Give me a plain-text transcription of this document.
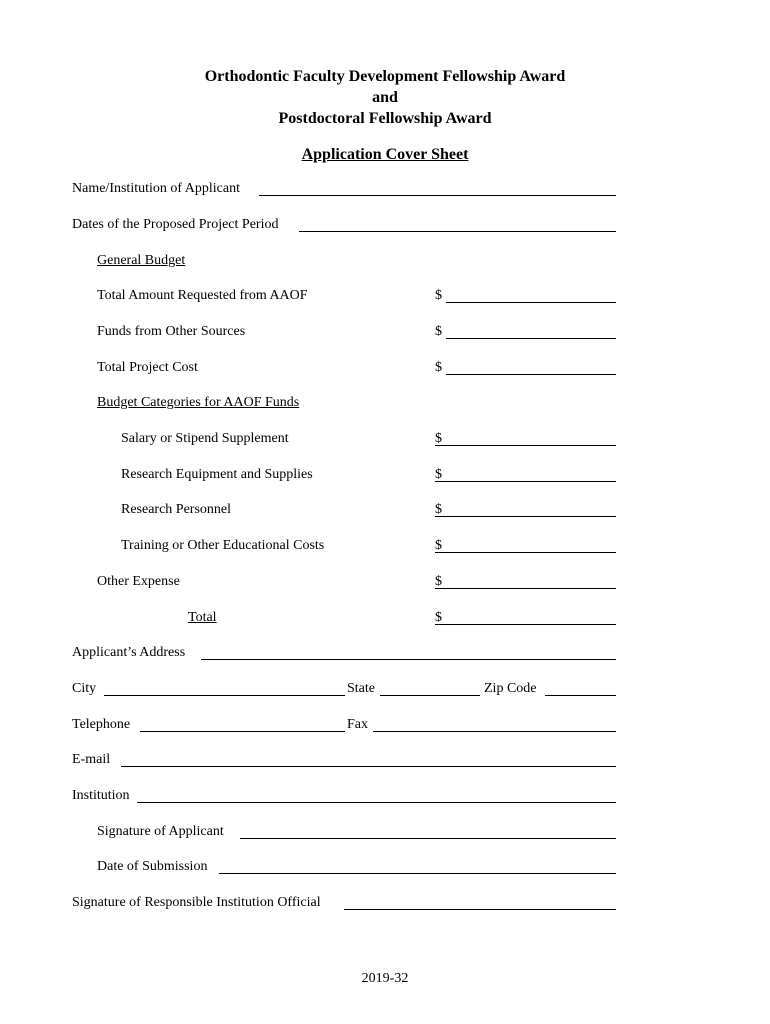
Orthodontic Faculty Development Fellowship Award
and
Postdoctoral Fellowship Award
Application Cover Sheet
Name/Institution of Applicant
Dates of the Proposed Project Period
General Budget
Total Amount Requested from AAOF	$
Funds from Other Sources	$
Total Project Cost	$
Budget Categories for AAOF Funds
Salary or Stipend Supplement	$
Research Equipment and Supplies	$
Research Personnel	$
Training or Other Educational Costs	$
Other Expense	$
Total	$
Applicant’s Address
City	State	Zip Code
Telephone	Fax
E-mail
Institution
Signature of Applicant
Date of Submission
Signature of Responsible Institution Official
2019-32
